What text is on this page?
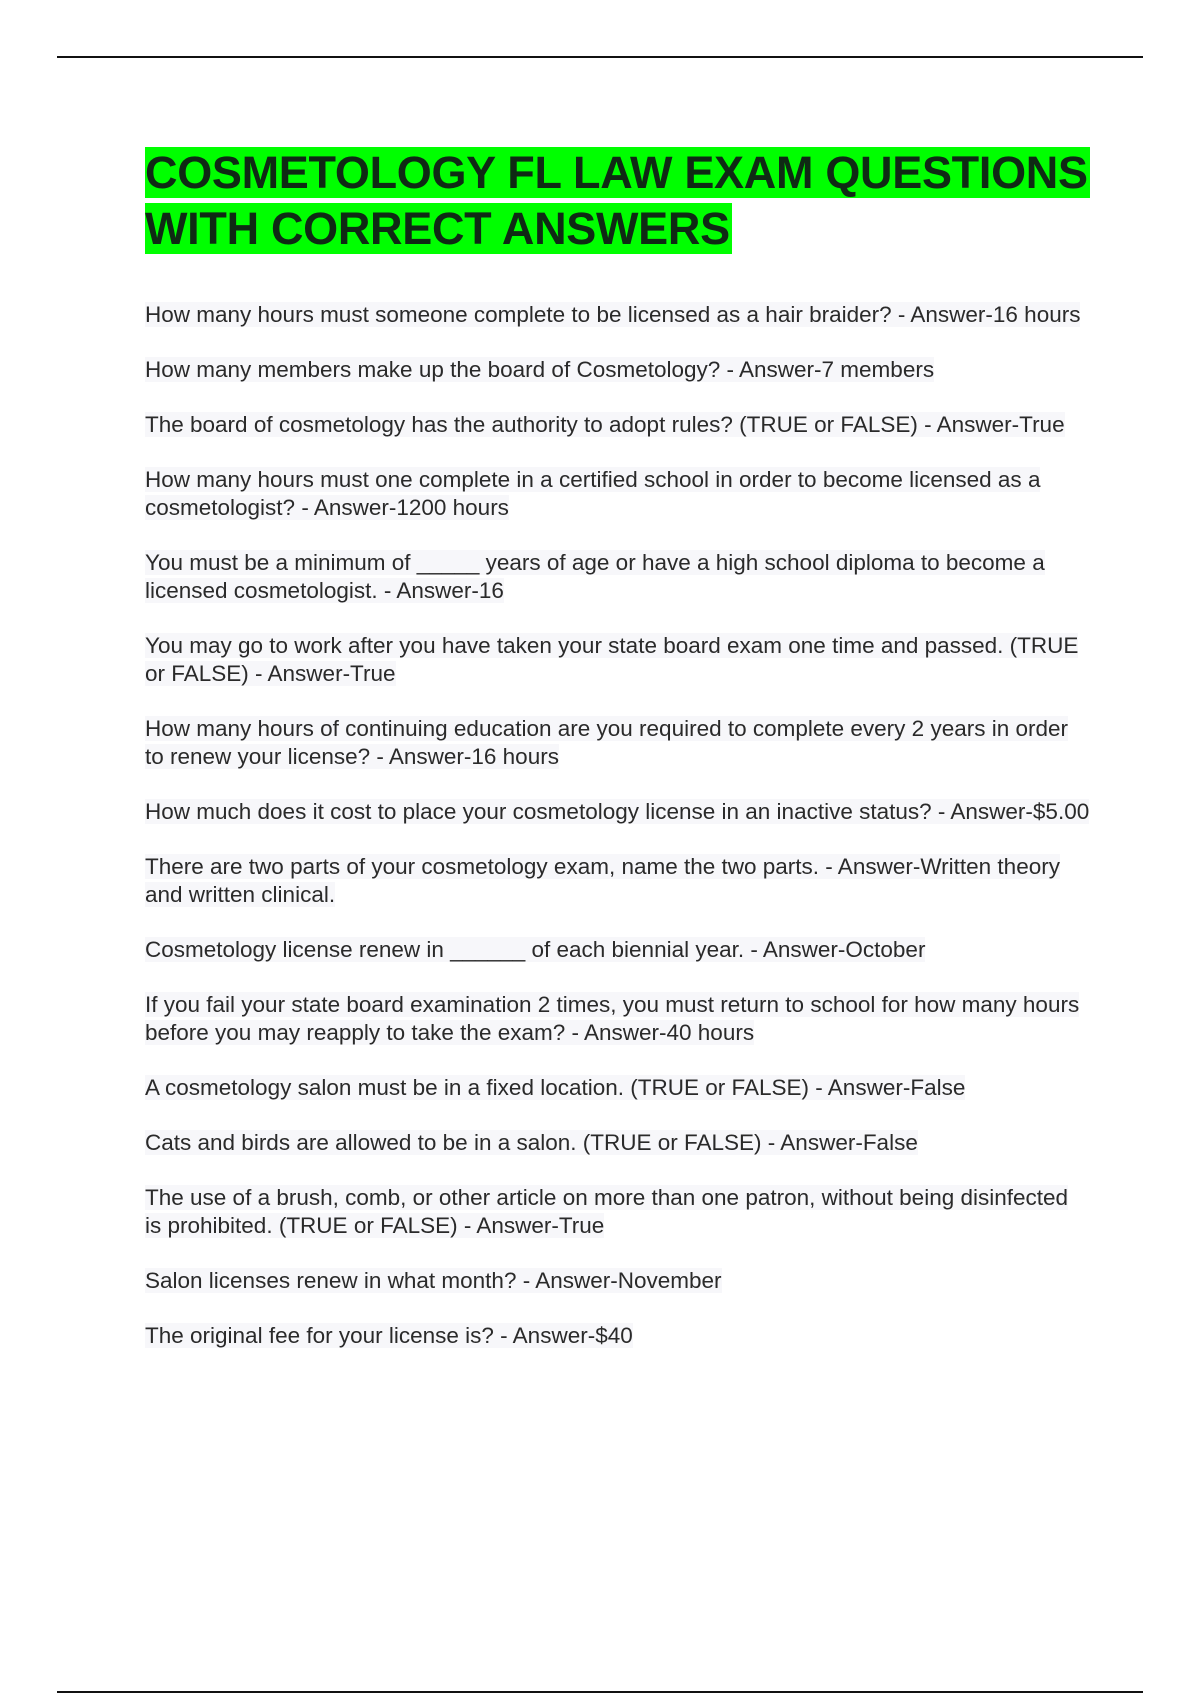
COSMETOLOGY FL LAW EXAM QUESTIONS WITH CORRECT ANSWERS
How many hours must someone complete to be licensed as a hair braider? - Answer-16 hours
How many members make up the board of Cosmetology? - Answer-7 members
The board of cosmetology has the authority to adopt rules? (TRUE or FALSE) - Answer-True
How many hours must one complete in a certified school in order to become licensed as a cosmetologist? - Answer-1200 hours
You must be a minimum of _____ years of age or have a high school diploma to become a licensed cosmetologist. - Answer-16
You may go to work after you have taken your state board exam one time and passed. (TRUE or FALSE) - Answer-True
How many hours of continuing education are you required to complete every 2 years in order to renew your license? - Answer-16 hours
How much does it cost to place your cosmetology license in an inactive status? - Answer-$5.00
There are two parts of your cosmetology exam, name the two parts. - Answer-Written theory and written clinical.
Cosmetology license renew in ______ of each biennial year. - Answer-October
If you fail your state board examination 2 times, you must return to school for how many hours before you may reapply to take the exam? - Answer-40 hours
A cosmetology salon must be in a fixed location. (TRUE or FALSE) - Answer-False
Cats and birds are allowed to be in a salon. (TRUE or FALSE) - Answer-False
The use of a brush, comb, or other article on more than one patron, without being disinfected is prohibited. (TRUE or FALSE) - Answer-True
Salon licenses renew in what month? - Answer-November
The original fee for your license is? - Answer-$40
